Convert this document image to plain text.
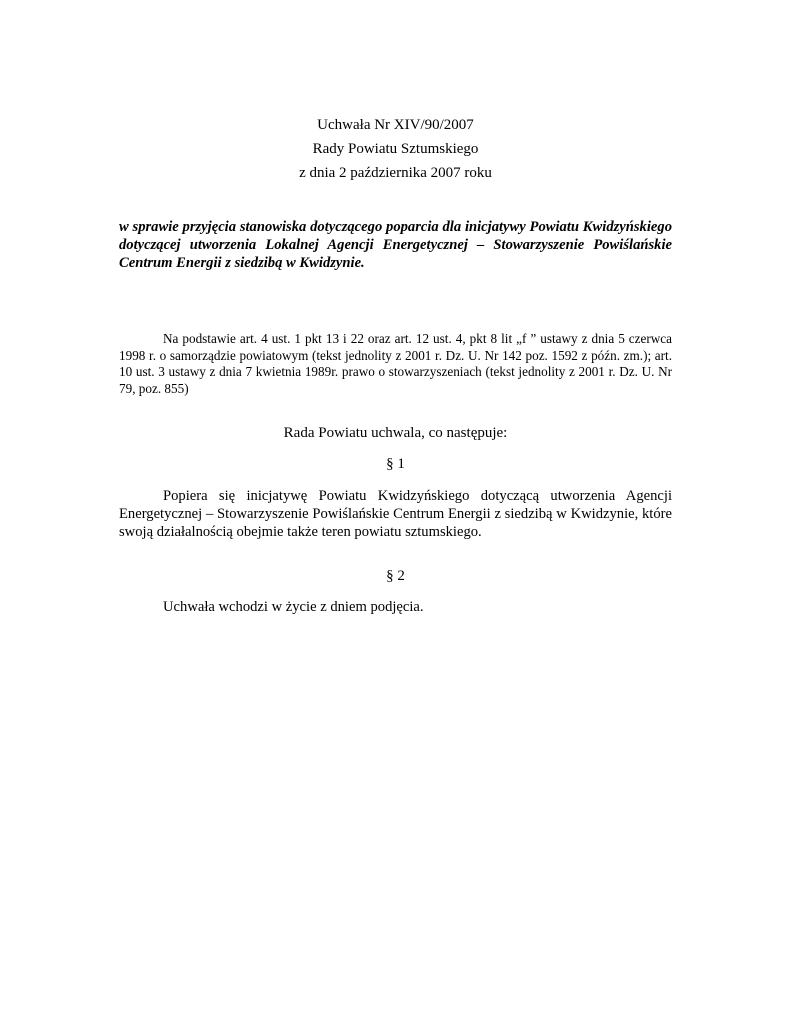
Uchwała Nr XIV/90/2007
Rady Powiatu Sztumskiego
z dnia 2 października 2007 roku
w sprawie przyjęcia stanowiska dotyczącego poparcia dla inicjatywy Powiatu Kwidzyńskiego dotyczącej utworzenia Lokalnej Agencji Energetycznej – Stowarzyszenie Powiślańskie Centrum Energii z siedzibą w Kwidzynie.
Na podstawie art. 4 ust. 1 pkt 13 i 22 oraz art. 12 ust. 4, pkt 8 lit „f ” ustawy z dnia 5 czerwca 1998 r. o samorządzie powiatowym (tekst jednolity z 2001 r. Dz. U. Nr 142 poz. 1592 z późn. zm.); art. 10 ust. 3 ustawy z dnia 7 kwietnia 1989r. prawo o stowarzyszeniach (tekst jednolity z 2001 r. Dz. U. Nr 79, poz. 855)
Rada Powiatu uchwala, co następuje:
§ 1
Popiera się inicjatywę Powiatu Kwidzyńskiego dotyczącą utworzenia Agencji Energetycznej – Stowarzyszenie Powiślańskie Centrum Energii z siedzibą w Kwidzynie, które swoją działalnością obejmie także teren powiatu sztumskiego.
§ 2
Uchwała wchodzi w życie z dniem podjęcia.
